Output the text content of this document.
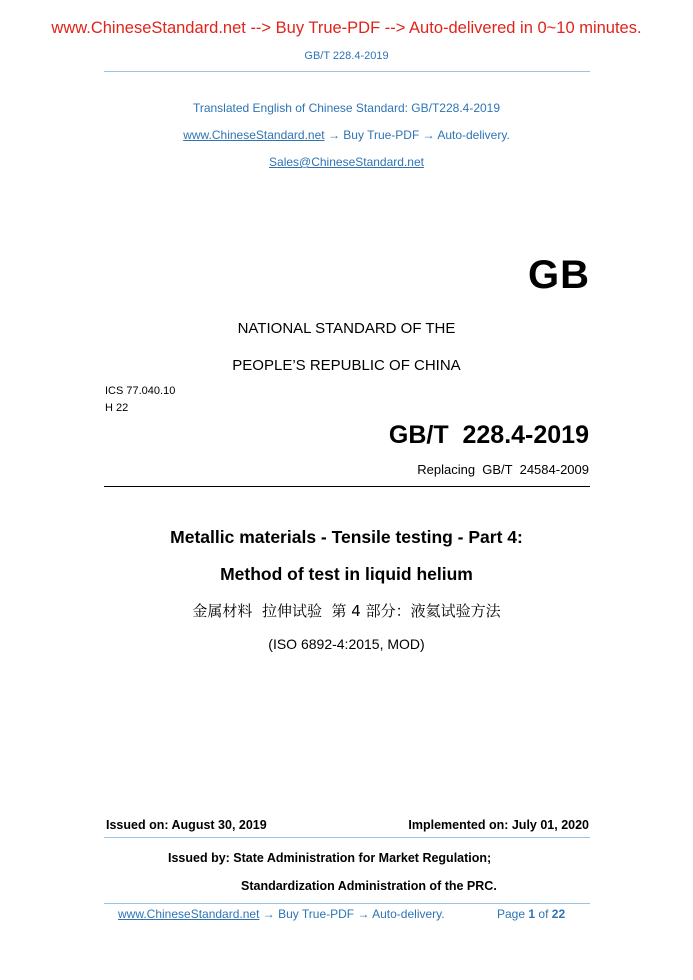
www.ChineseStandard.net --> Buy True-PDF --> Auto-delivered in 0~10 minutes.
GB/T 228.4-2019
Translated English of Chinese Standard: GB/T228.4-2019
www.ChineseStandard.net → Buy True-PDF → Auto-delivery.
Sales@ChineseStandard.net
GB
NATIONAL STANDARD OF THE
PEOPLE’S REPUBLIC OF CHINA
ICS 77.040.10
H 22
GB/T  228.4-2019
Replacing  GB/T  24584-2009
Metallic materials - Tensile testing - Part 4:
Method of test in liquid helium
金属材料  拉伸试验  第 4 部分：液氦试验方法
(ISO 6892-4:2015, MOD)
Issued on: August 30, 2019	Implemented on: July 01, 2020
Issued by: State Administration for Market Regulation;
Standardization Administration of the PRC.
www.ChineseStandard.net → Buy True-PDF → Auto-delivery.	Page 1 of 22
